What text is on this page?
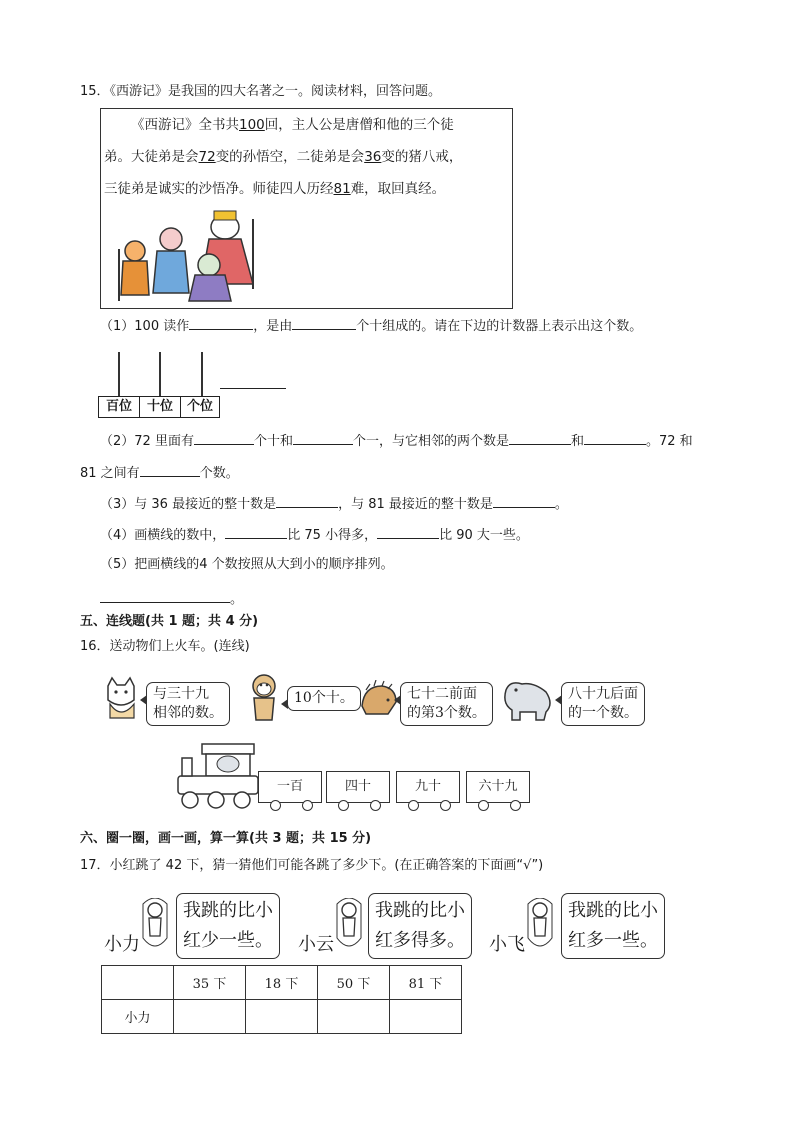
15．《西游记》是我国的四大名著之一。阅读材料，回答问题。
《西游记》全书共100回，主人公是唐僧和他的三个徒
弟。大徒弟是会72变的孙悟空，二徒弟是会36变的猪八戒，
三徒弟是诚实的沙悟净。师徒四人历经81难，取回真经。
（1）100 读作	，是由	个十组成的。请在下边的计数器上表示出这个数。
百位	十位	个位
（2）72 里面有	个十和	个一，与它相邻的两个数是	和	。72 和
81 之间有	个数。
（3）与 36 最接近的整十数是	，与 81 最接近的整十数是	。
（4）画横线的数中，	比 75 小得多，	比 90 大一些。
（5）把画横线的4 个数按照从大到小的顺序排列。
。
五、连线题(共 1 题；共 4 分)
16．送动物们上火车。(连线)
与三十九
相邻的数。
10个十。	七十二前面
的第3个数。
八十九后面
的一个数。
一百	四十	九十	六十九
六、圈一圈，画一画，算一算(共 3 题；共 15 分)
17．小红跳了 42 下，猜一猜他们可能各跳了多少下。(在正确答案的下面画“√”)
小力
我跳的比小
红少一些。 小云
我跳的比小
红多得多。 小飞
我跳的比小
红多一些。
	35 下	18 下	50 下	81 下
小力				
